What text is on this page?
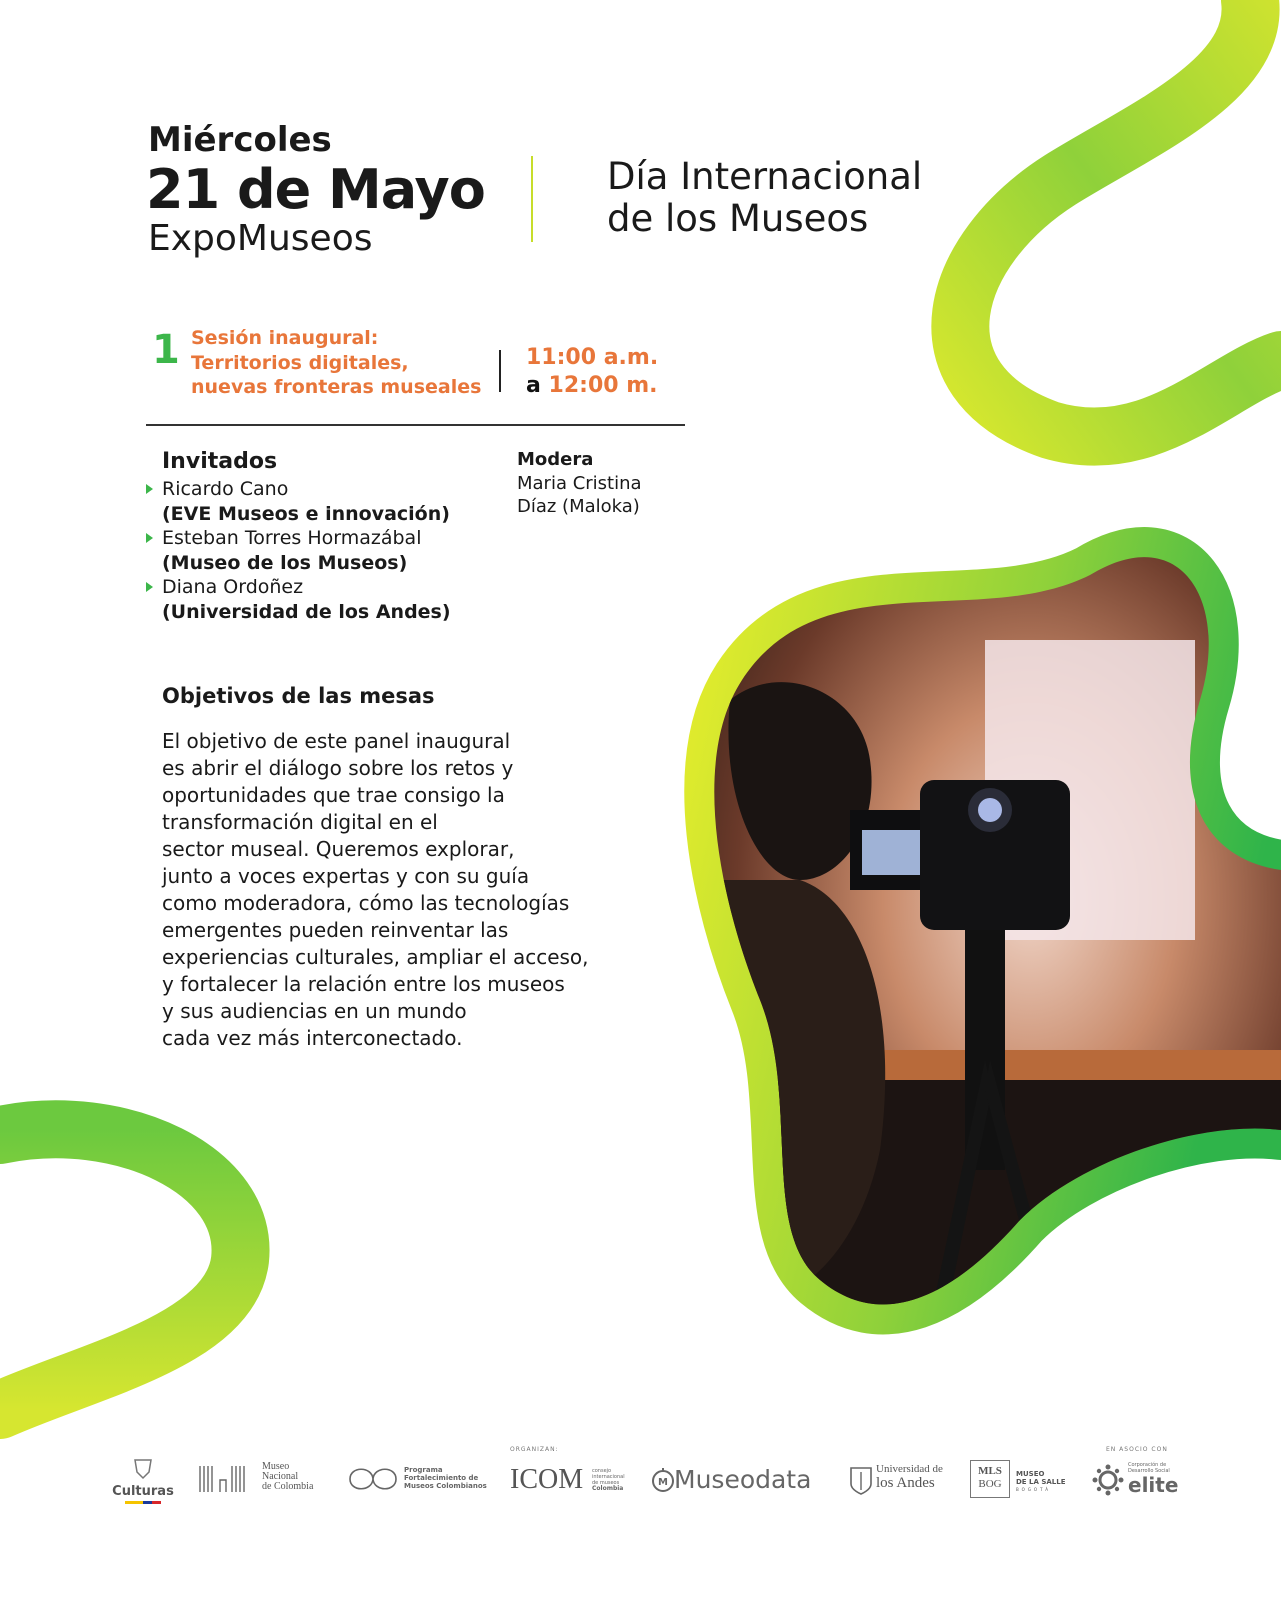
Miércoles
21 de Mayo
ExpoMuseos
Día Internacional
de los Museos
1 Sesión inaugural:
Territorios digitales,
nuevas fronteras museales
11:00 a.m.
a 12:00 m.
Invitados
Ricardo Cano
(EVE Museos e innovación)
Esteban Torres Hormazábal
(Museo de los Museos)
Diana Ordoñez
(Universidad de los Andes)
Modera
Maria Cristina
Díaz (Maloka)
Objetivos de las mesas
El objetivo de este panel inaugural
es abrir el diálogo sobre los retos y
oportunidades que trae consigo la
transformación digital en el
sector museal. Queremos explorar,
junto a voces expertas y con su guía
como moderadora, cómo las tecnologías
emergentes pueden reinventar las
experiencias culturales, ampliar el acceso,
y fortalecer la relación entre los museos
y sus audiencias en un mundo
cada vez más interconectado.
ORGANIZAN:	EN ASOCIO CON
Culturas
Museo
Nacional
de Colombia
Programa
Fortalecimiento de
Museos Colombianos ICOM consejo
internacional
de museos
Colombia
M Museodata	Universidad de
los Andes
MLS
BOG
MUSEO
DE LA SALLE
BOGOTÁ
Corporación de
Desarrollo Social
elite
